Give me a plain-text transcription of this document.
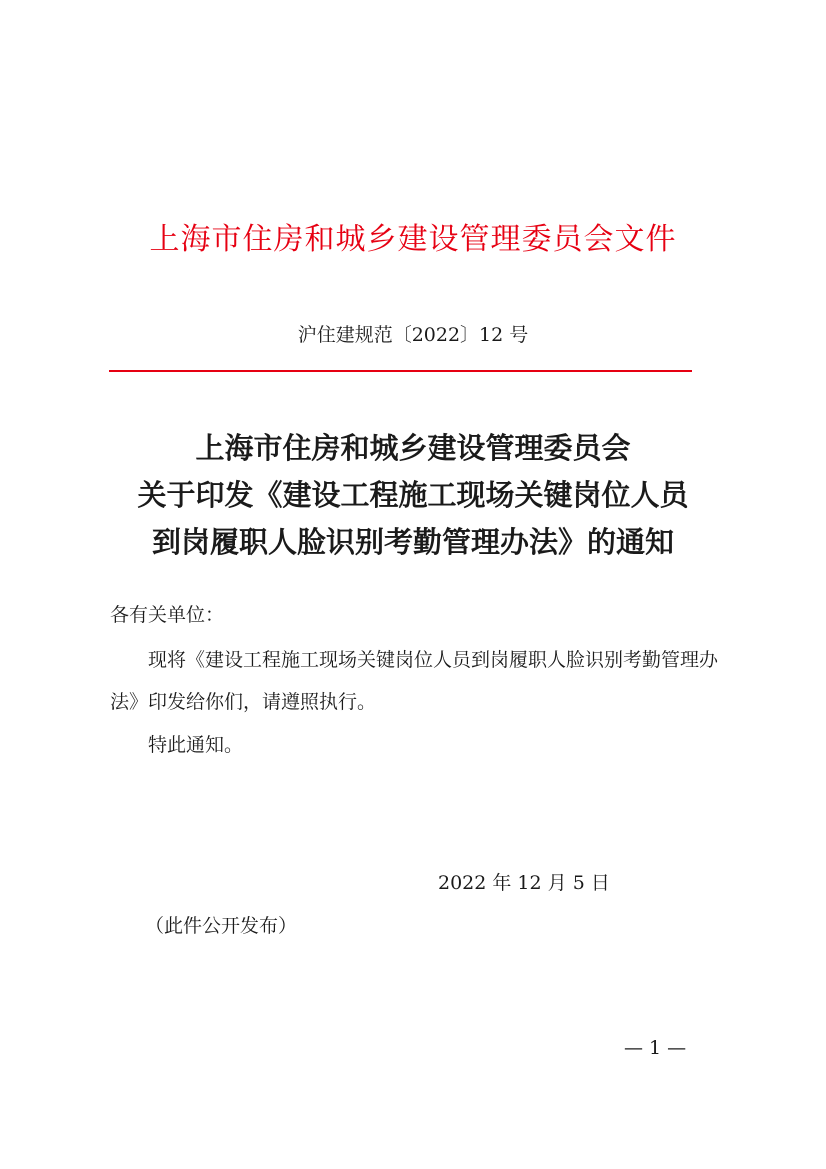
上海市住房和城乡建设管理委员会文件
沪住建规范〔2022〕12 号
上海市住房和城乡建设管理委员会
关于印发《建设工程施工现场关键岗位人员
到岗履职人脸识别考勤管理办法》的通知
各有关单位：

现将《建设工程施工现场关键岗位人员到岗履职人脸识别考勤管理办法》印发给你们，请遵照执行。

特此通知。
2022 年 12 月 5 日
（此件公开发布）
— 1 —
